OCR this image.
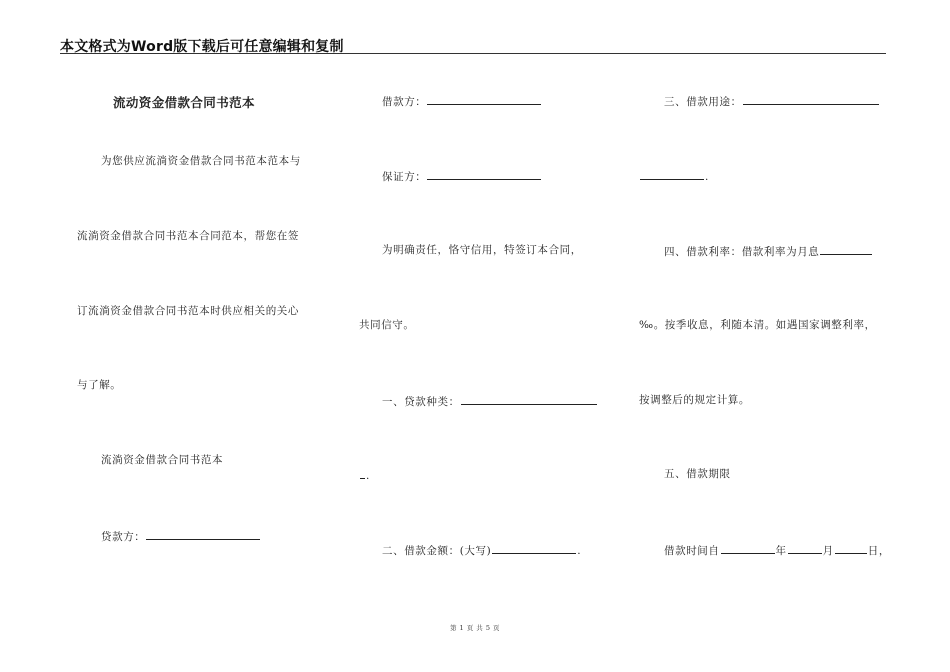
本文格式为Word版下载后可任意编辑和复制
流动资金借款合同书范本
为您供应流淌资金借款合同书范本范本与
流淌资金借款合同书范本合同范本，帮您在签
订流淌资金借款合同书范本时供应相关的关心
与了解。
流淌资金借款合同书范本
贷款方：
借款方：
保证方：
为明确责任，恪守信用，特签订本合同，
共同信守。
一、贷款种类：
.
二、借款金额：(大写)	.
三、借款用途：
.
四、借款利率：借款利率为月息
‰。按季收息，利随本清。如遇国家调整利率，
按调整后的规定计算。
五、借款期限
借款时间自	年	月	日，
第 1 页 共 5 页
